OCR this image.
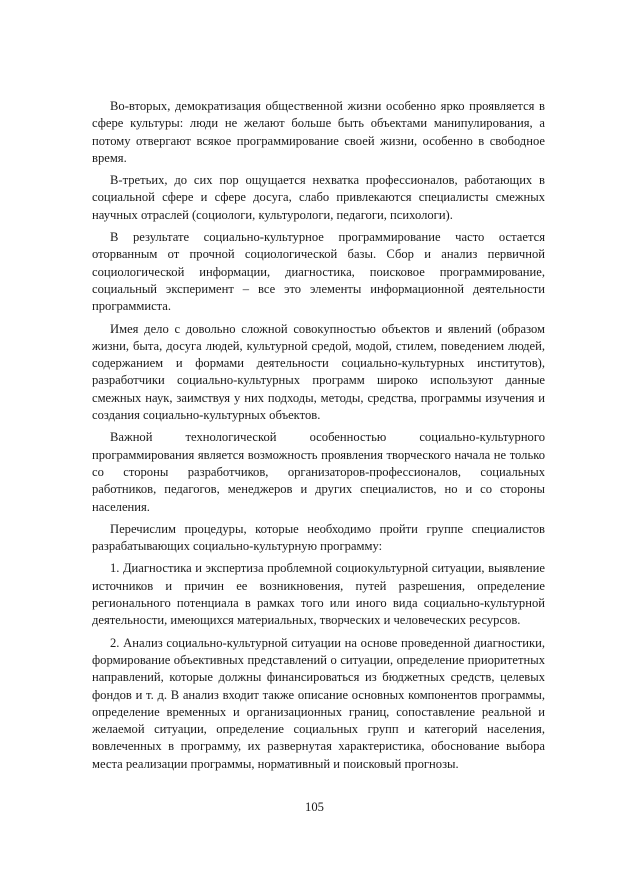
Во-вторых, демократизация общественной жизни особенно ярко проявляется в сфере культуры: люди не желают больше быть объектами манипулирования, а потому отвергают всякое программирование своей жизни, особенно в свободное время.

В-третьих, до сих пор ощущается нехватка профессионалов, работающих в социальной сфере и сфере досуга, слабо привлекаются специалисты смежных научных отраслей (социологи, культурологи, педагоги, психологи).

В результате социально-культурное программирование часто остается оторванным от прочной социологической базы. Сбор и анализ первичной социологической информации, диагностика, поисковое программирование, социальный эксперимент – все это элементы информационной деятельности программиста.

Имея дело с довольно сложной совокупностью объектов и явлений (образом жизни, быта, досуга людей, культурной средой, модой, стилем, поведением людей, содержанием и формами деятельности социально-культурных институтов), разработчики социально-культурных программ широко используют данные смежных наук, заимствуя у них подходы, методы, средства, программы изучения и создания социально-культурных объектов.

Важной технологической особенностью социально-культурного программирования является возможность проявления творческого начала не только со стороны разработчиков, организаторов-профессионалов, социальных работников, педагогов, менеджеров и других специалистов, но и со стороны населения.

Перечислим процедуры, которые необходимо пройти группе специалистов разрабатывающих социально-культурную программу:

1. Диагностика и экспертиза проблемной социокультурной ситуации, выявление источников и причин ее возникновения, путей разрешения, определение регионального потенциала в рамках того или иного вида социально-культурной деятельности, имеющихся материальных, творческих и человеческих ресурсов.

2. Анализ социально-культурной ситуации на основе проведенной диагностики, формирование объективных представлений о ситуации, определение приоритетных направлений, которые должны финансироваться из бюджетных средств, целевых фондов и т. д. В анализ входит также описание основных компонентов программы, определение временных и организационных границ, сопоставление реальной и желаемой ситуации, определение социальных групп и категорий населения, вовлеченных в программу, их развернутая характеристика, обоснование выбора места реализации программы, нормативный и поисковый прогнозы.

105
